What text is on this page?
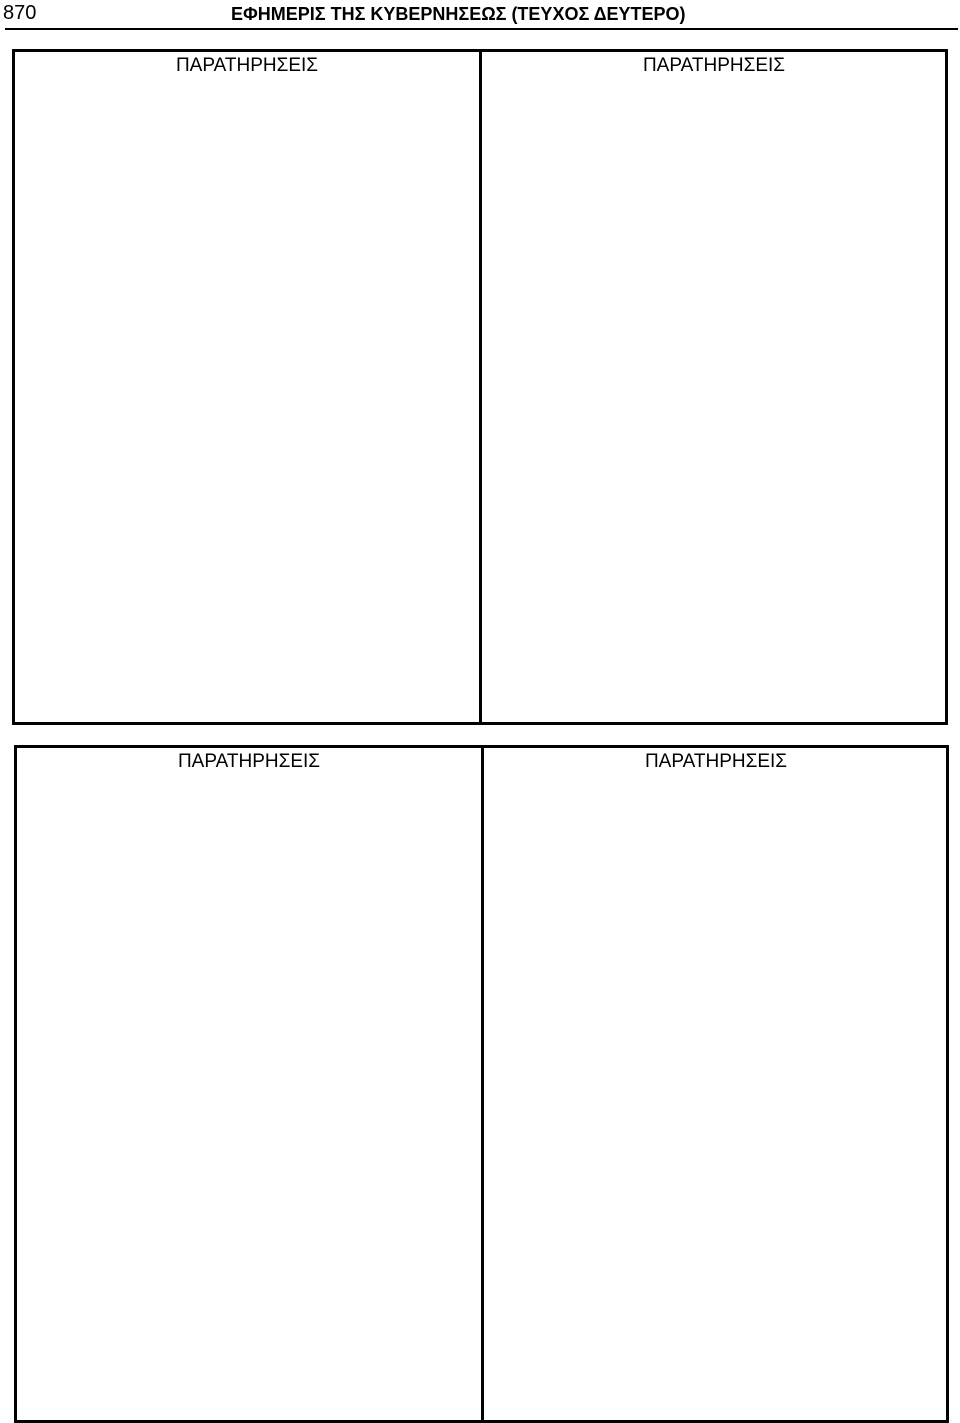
870	ΕΦΗΜΕΡΙΣ ΤΗΣ ΚΥΒΕΡΝΗΣΕΩΣ (ΤΕΥΧΟΣ ΔΕΥΤΕΡΟ)
ΠΑΡΑΤΗΡΗΣΕΙΣ	ΠΑΡΑΤΗΡΗΣΕΙΣ
ΠΑΡΑΤΗΡΗΣΕΙΣ	ΠΑΡΑΤΗΡΗΣΕΙΣ
